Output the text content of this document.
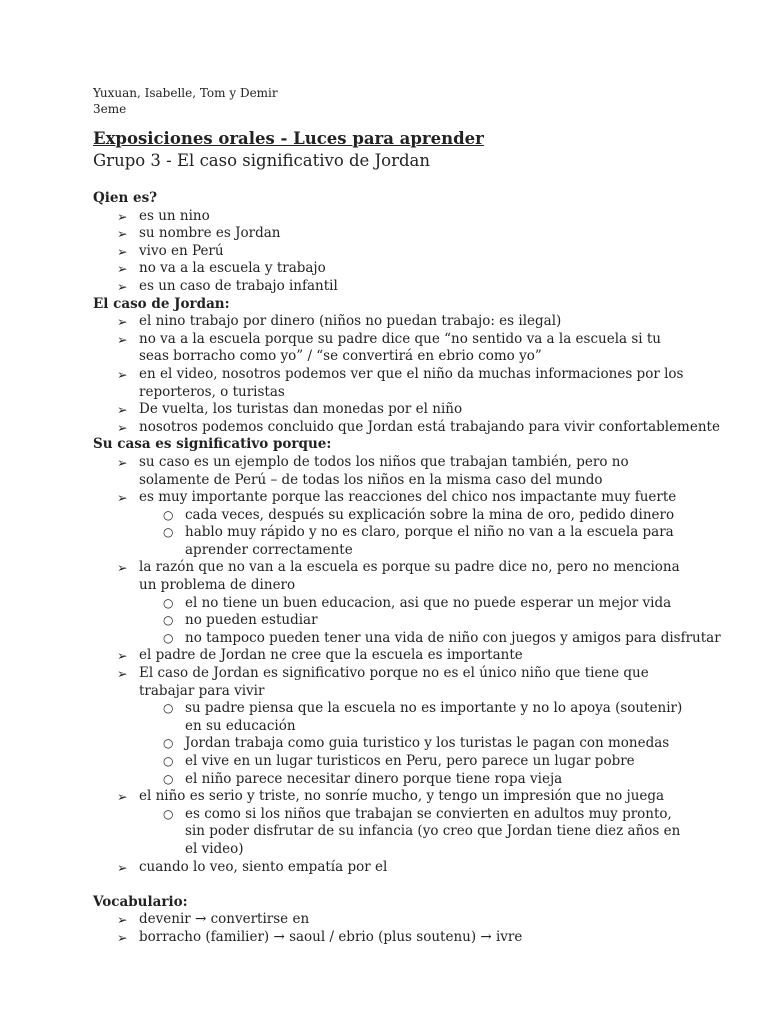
Yuxuan, Isabelle, Tom y Demir
3eme
Exposiciones orales - Luces para aprender
Grupo 3 - El caso significativo de Jordan
Qien es?
➢ es un nino
➢ su nombre es Jordan
➢ vivo en Perú
➢ no va a la escuela y trabajo
➢ es un caso de trabajo infantil
El caso de Jordan:
➢ el nino trabajo por dinero (niños no puedan trabajo: es ilegal)
➢ no va a la escuela porque su padre dice que “no sentido va a la escuela si tu seas borracho como yo” / “se convertirá en ebrio como yo”
➢ en el video, nosotros podemos ver que el niño da muchas informaciones por los reporteros, o turistas
➢ De vuelta, los turistas dan monedas por el niño
➢ nosotros podemos concluido que Jordan está trabajando para vivir confortablemente
Su casa es significativo porque:
➢ su caso es un ejemplo de todos los niños que trabajan también, pero no solamente de Perú – de todas los niños en la misma caso del mundo
➢ es muy importante porque las reacciones del chico nos impactante muy fuerte
○ cada veces, después su explicación sobre la mina de oro, pedido dinero
○ hablo muy rápido y no es claro, porque el niño no van a la escuela para aprender correctamente
➢ la razón que no van a la escuela es porque su padre dice no, pero no menciona un problema de dinero
○ el no tiene un buen educacion, asi que no puede esperar un mejor vida
○ no pueden estudiar
○ no tampoco pueden tener una vida de niño con juegos y amigos para disfrutar
➢ el padre de Jordan ne cree que la escuela es importante
➢ El caso de Jordan es significativo porque no es el único niño que tiene que trabajar para vivir
○ su padre piensa que la escuela no es importante y no lo apoya (soutenir) en su educación
○ Jordan trabaja como guia turistico y los turistas le pagan con monedas
○ el vive en un lugar turisticos en Peru, pero parece un lugar pobre
○ el niño parece necesitar dinero porque tiene ropa vieja
➢ el niño es serio y triste, no sonríe mucho, y tengo un impresión que no juega
○ es como si los niños que trabajan se convierten en adultos muy pronto, sin poder disfrutar de su infancia (yo creo que Jordan tiene diez años en el video)
➢ cuando lo veo, siento empatía por el
Vocabulario:
➢ devenir → convertirse en
➢ borracho (familier) → saoul / ebrio (plus soutenu) → ivre
